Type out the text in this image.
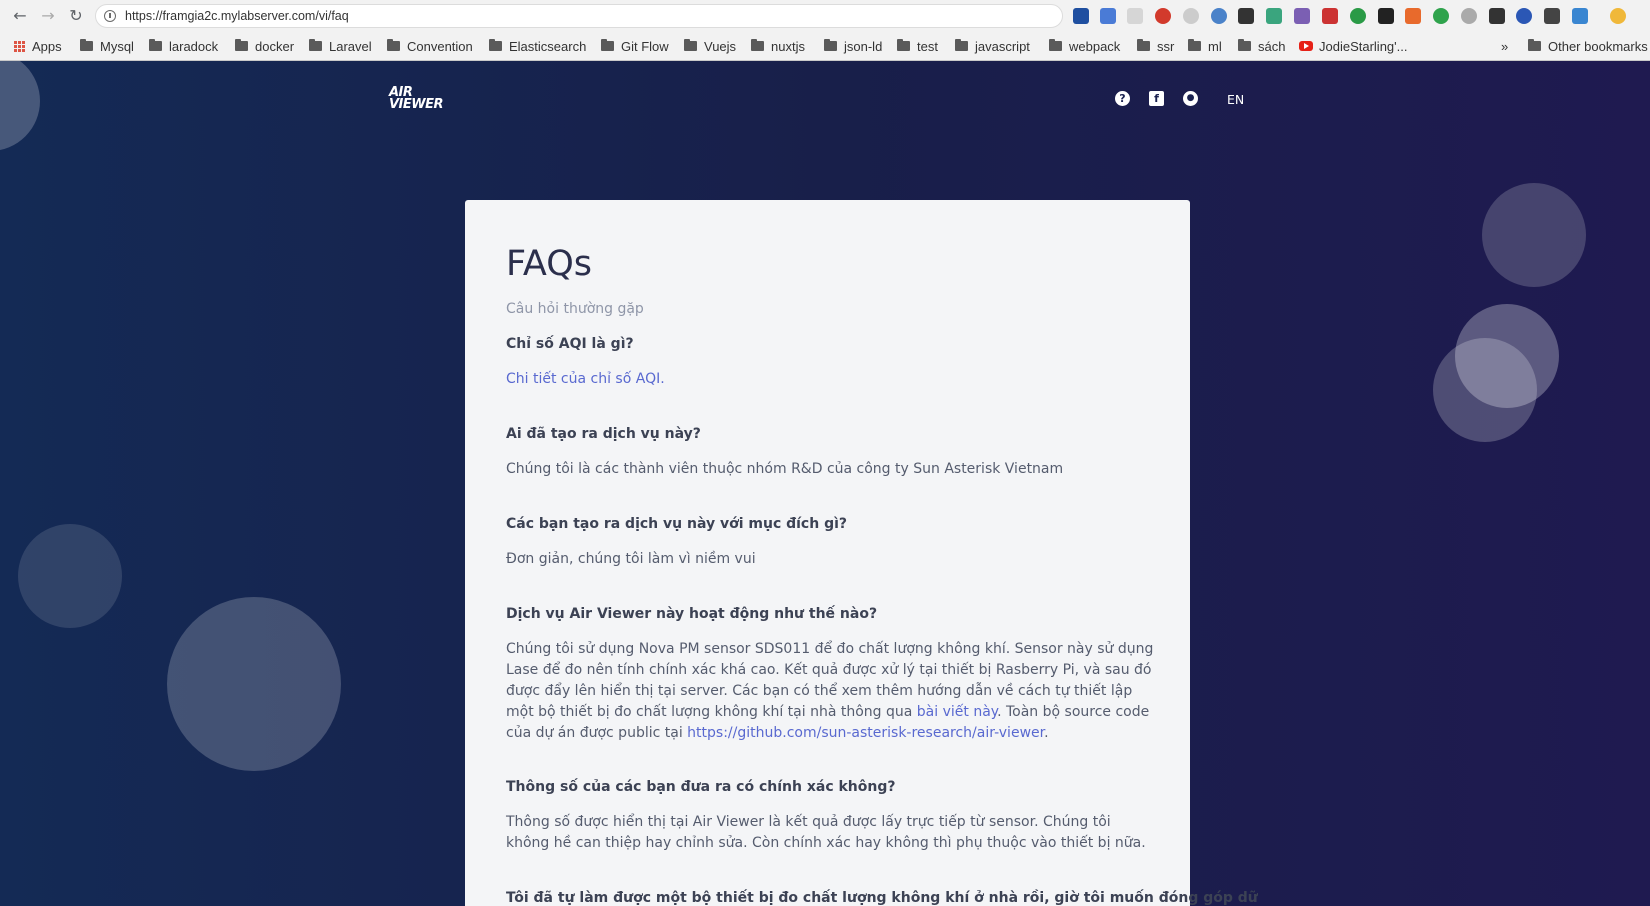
← → ↻	https://framgia2c.mylabserver.com/vi/faq
Apps	Mysql	laradock	docker	Laravel	Convention	Elasticsearch	Git Flow	Vuejs	nuxtjs	json-ld	test	javascript	webpack	ssr	ml	sách	JodieStarling'...	»	Other bookmarks
AIR
VIEWER	?	f	●	EN
FAQs
Câu hỏi thường gặp
Chỉ số AQI là gì?
Chi tiết của chỉ số AQI.
Ai đã tạo ra dịch vụ này?
Chúng tôi là các thành viên thuộc nhóm R&D của công ty Sun Asterisk Vietnam
Các bạn tạo ra dịch vụ này với mục đích gì?
Đơn giản, chúng tôi làm vì niềm vui
Dịch vụ Air Viewer này hoạt động như thế nào?
Chúng tôi sử dụng Nova PM sensor SDS011 để đo chất lượng không khí. Sensor này sử dụng Lase để đo nên tính chính xác khá cao. Kết quả được xử lý tại thiết bị Rasberry Pi, và sau đó được đẩy lên hiển thị tại server. Các bạn có thể xem thêm hướng dẫn về cách tự thiết lập một bộ thiết bị đo chất lượng không khí tại nhà thông qua bài viết này. Toàn bộ source code của dự án được public tại https://github.com/sun-asterisk-research/air-viewer.
Thông số của các bạn đưa ra có chính xác không?
Thông số được hiển thị tại Air Viewer là kết quả được lấy trực tiếp từ sensor. Chúng tôi không hề can thiệp hay chỉnh sửa. Còn chính xác hay không thì phụ thuộc vào thiết bị nữa.
Tôi đã tự làm được một bộ thiết bị đo chất lượng không khí ở nhà rồi, giờ tôi muốn đóng góp dữ
